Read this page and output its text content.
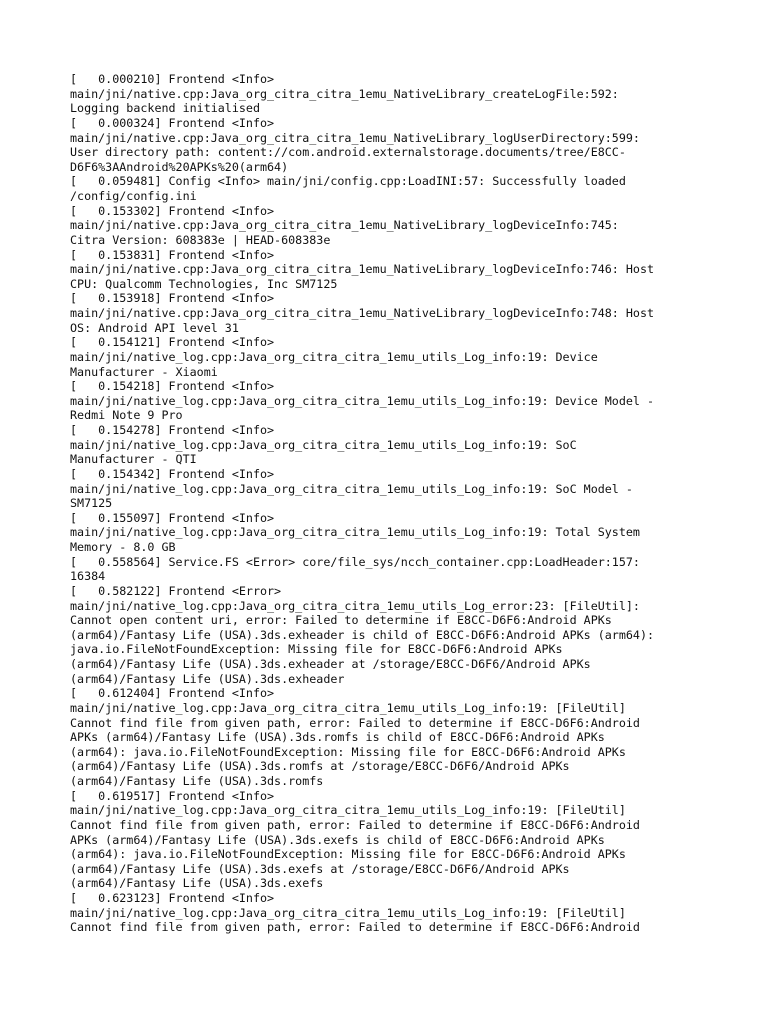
[   0.000210] Frontend <Info>

main/jni/native.cpp:Java_org_citra_citra_1emu_NativeLibrary_createLogFile:592:

Logging backend initialised

[   0.000324] Frontend <Info>

main/jni/native.cpp:Java_org_citra_citra_1emu_NativeLibrary_logUserDirectory:599:

User directory path: content://com.android.externalstorage.documents/tree/E8CC-

D6F6%3AAndroid%20APKs%20(arm64)

[   0.059481] Config <Info> main/jni/config.cpp:LoadINI:57: Successfully loaded

/config/config.ini

[   0.153302] Frontend <Info>

main/jni/native.cpp:Java_org_citra_citra_1emu_NativeLibrary_logDeviceInfo:745:

Citra Version: 608383e | HEAD-608383e

[   0.153831] Frontend <Info>

main/jni/native.cpp:Java_org_citra_citra_1emu_NativeLibrary_logDeviceInfo:746: Host

CPU: Qualcomm Technologies, Inc SM7125

[   0.153918] Frontend <Info>

main/jni/native.cpp:Java_org_citra_citra_1emu_NativeLibrary_logDeviceInfo:748: Host

OS: Android API level 31

[   0.154121] Frontend <Info>

main/jni/native_log.cpp:Java_org_citra_citra_1emu_utils_Log_info:19: Device

Manufacturer - Xiaomi

[   0.154218] Frontend <Info>

main/jni/native_log.cpp:Java_org_citra_citra_1emu_utils_Log_info:19: Device Model -

Redmi Note 9 Pro

[   0.154278] Frontend <Info>

main/jni/native_log.cpp:Java_org_citra_citra_1emu_utils_Log_info:19: SoC

Manufacturer - QTI

[   0.154342] Frontend <Info>

main/jni/native_log.cpp:Java_org_citra_citra_1emu_utils_Log_info:19: SoC Model -

SM7125

[   0.155097] Frontend <Info>

main/jni/native_log.cpp:Java_org_citra_citra_1emu_utils_Log_info:19: Total System

Memory - 8.0 GB

[   0.558564] Service.FS <Error> core/file_sys/ncch_container.cpp:LoadHeader:157:

16384

[   0.582122] Frontend <Error>

main/jni/native_log.cpp:Java_org_citra_citra_1emu_utils_Log_error:23: [FileUtil]:

Cannot open content uri, error: Failed to determine if E8CC-D6F6:Android APKs

(arm64)/Fantasy Life (USA).3ds.exheader is child of E8CC-D6F6:Android APKs (arm64):

java.io.FileNotFoundException: Missing file for E8CC-D6F6:Android APKs

(arm64)/Fantasy Life (USA).3ds.exheader at /storage/E8CC-D6F6/Android APKs

(arm64)/Fantasy Life (USA).3ds.exheader

[   0.612404] Frontend <Info>

main/jni/native_log.cpp:Java_org_citra_citra_1emu_utils_Log_info:19: [FileUtil]

Cannot find file from given path, error: Failed to determine if E8CC-D6F6:Android

APKs (arm64)/Fantasy Life (USA).3ds.romfs is child of E8CC-D6F6:Android APKs

(arm64): java.io.FileNotFoundException: Missing file for E8CC-D6F6:Android APKs

(arm64)/Fantasy Life (USA).3ds.romfs at /storage/E8CC-D6F6/Android APKs

(arm64)/Fantasy Life (USA).3ds.romfs

[   0.619517] Frontend <Info>

main/jni/native_log.cpp:Java_org_citra_citra_1emu_utils_Log_info:19: [FileUtil]

Cannot find file from given path, error: Failed to determine if E8CC-D6F6:Android

APKs (arm64)/Fantasy Life (USA).3ds.exefs is child of E8CC-D6F6:Android APKs

(arm64): java.io.FileNotFoundException: Missing file for E8CC-D6F6:Android APKs

(arm64)/Fantasy Life (USA).3ds.exefs at /storage/E8CC-D6F6/Android APKs

(arm64)/Fantasy Life (USA).3ds.exefs

[   0.623123] Frontend <Info>

main/jni/native_log.cpp:Java_org_citra_citra_1emu_utils_Log_info:19: [FileUtil]

Cannot find file from given path, error: Failed to determine if E8CC-D6F6:Android
